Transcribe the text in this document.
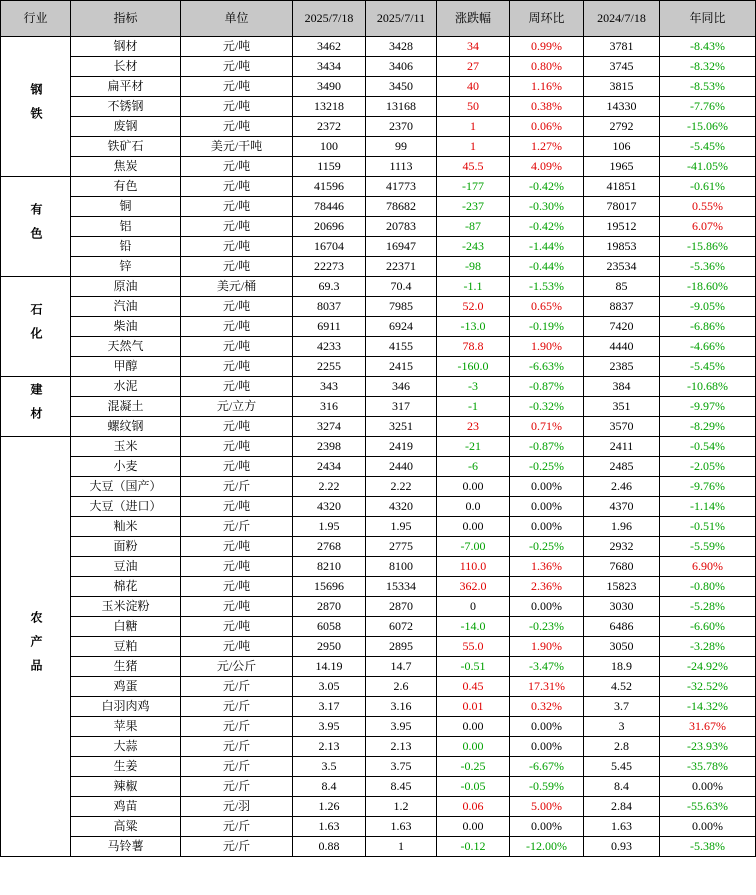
行业	指标	单位	2025/7/18	2025/7/11	涨跌幅	周环比	2024/7/18	年同比
钢铁	钢材	元/吨	3462	3428	34	0.99%	3781	-8.43%
	长材	元/吨	3434	3406	27	0.80%	3745	-8.32%
	扁平材	元/吨	3490	3450	40	1.16%	3815	-8.53%
	不锈钢	元/吨	13218	13168	50	0.38%	14330	-7.76%
	废钢	元/吨	2372	2370	1	0.06%	2792	-15.06%
	铁矿石	美元/干吨	100	99	1	1.27%	106	-5.45%
	焦炭	元/吨	1159	1113	45.5	4.09%	1965	-41.05%
有色	有色	元/吨	41596	41773	-177	-0.42%	41851	-0.61%
	铜	元/吨	78446	78682	-237	-0.30%	78017	0.55%
	铝	元/吨	20696	20783	-87	-0.42%	19512	6.07%
	铅	元/吨	16704	16947	-243	-1.44%	19853	-15.86%
	锌	元/吨	22273	22371	-98	-0.44%	23534	-5.36%
石化	原油	美元/桶	69.3	70.4	-1.1	-1.53%	85	-18.60%
	汽油	元/吨	8037	7985	52.0	0.65%	8837	-9.05%
	柴油	元/吨	6911	6924	-13.0	-0.19%	7420	-6.86%
	天然气	元/吨	4233	4155	78.8	1.90%	4440	-4.66%
	甲醇	元/吨	2255	2415	-160.0	-6.63%	2385	-5.45%
建材	水泥	元/吨	343	346	-3	-0.87%	384	-10.68%
	混凝土	元/立方	316	317	-1	-0.32%	351	-9.97%
	螺纹钢	元/吨	3274	3251	23	0.71%	3570	-8.29%
农产品	玉米	元/吨	2398	2419	-21	-0.87%	2411	-0.54%
	小麦	元/吨	2434	2440	-6	-0.25%	2485	-2.05%
	大豆（国产）	元/斤	2.22	2.22	0.00	0.00%	2.46	-9.76%
	大豆（进口）	元/吨	4320	4320	0.0	0.00%	4370	-1.14%
	籼米	元/斤	1.95	1.95	0.00	0.00%	1.96	-0.51%
	面粉	元/吨	2768	2775	-7.00	-0.25%	2932	-5.59%
	豆油	元/吨	8210	8100	110.0	1.36%	7680	6.90%
	棉花	元/吨	15696	15334	362.0	2.36%	15823	-0.80%
	玉米淀粉	元/吨	2870	2870	0	0.00%	3030	-5.28%
	白糖	元/吨	6058	6072	-14.0	-0.23%	6486	-6.60%
	豆粕	元/吨	2950	2895	55.0	1.90%	3050	-3.28%
	生猪	元/公斤	14.19	14.7	-0.51	-3.47%	18.9	-24.92%
	鸡蛋	元/斤	3.05	2.6	0.45	17.31%	4.52	-32.52%
	白羽肉鸡	元/斤	3.17	3.16	0.01	0.32%	3.7	-14.32%
	苹果	元/斤	3.95	3.95	0.00	0.00%	3	31.67%
	大蒜	元/斤	2.13	2.13	0.00	0.00%	2.8	-23.93%
	生姜	元/斤	3.5	3.75	-0.25	-6.67%	5.45	-35.78%
	辣椒	元/斤	8.4	8.45	-0.05	-0.59%	8.4	0.00%
	鸡苗	元/羽	1.26	1.2	0.06	5.00%	2.84	-55.63%
	高粱	元/斤	1.63	1.63	0.00	0.00%	1.63	0.00%
	马铃薯	元/斤	0.88	1	-0.12	-12.00%	0.93	-5.38%
